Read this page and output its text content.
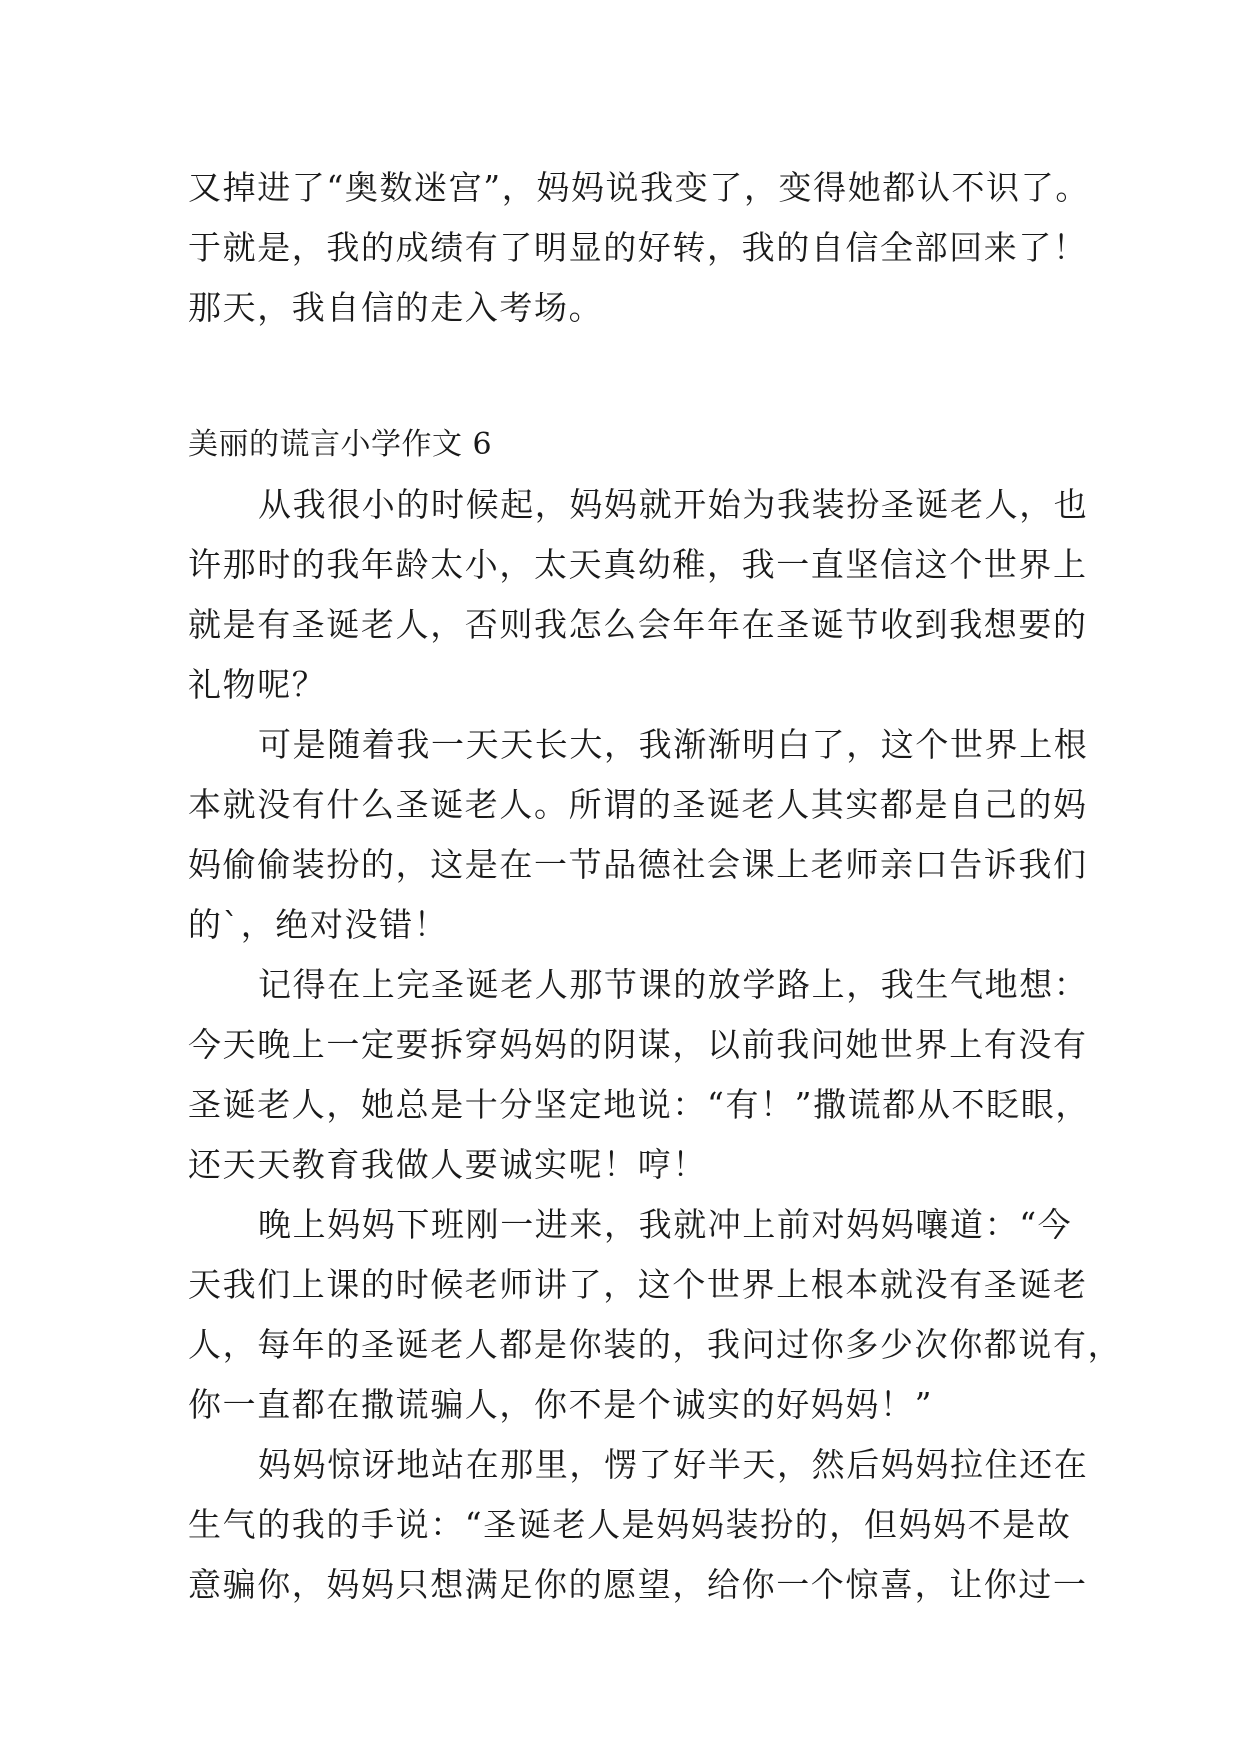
又掉进了“奥数迷宫”，妈妈说我变了，变得她都认不识了。
于就是，我的成绩有了明显的好转，我的自信全部回来了！
那天，我自信的走入考场。
美丽的谎言小学作文 6
从我很小的时候起，妈妈就开始为我装扮圣诞老人，也
许那时的我年龄太小，太天真幼稚，我一直坚信这个世界上
就是有圣诞老人，否则我怎么会年年在圣诞节收到我想要的
礼物呢？
可是随着我一天天长大，我渐渐明白了，这个世界上根
本就没有什么圣诞老人。所谓的圣诞老人其实都是自己的妈
妈偷偷装扮的，这是在一节品德社会课上老师亲口告诉我们
的`，绝对没错！
记得在上完圣诞老人那节课的放学路上，我生气地想：
今天晚上一定要拆穿妈妈的阴谋，以前我问她世界上有没有
圣诞老人，她总是十分坚定地说：“有！”撒谎都从不眨眼，
还天天教育我做人要诚实呢！哼！
晚上妈妈下班刚一进来，我就冲上前对妈妈嚷道：“今
天我们上课的时候老师讲了，这个世界上根本就没有圣诞老
人，每年的圣诞老人都是你装的，我问过你多少次你都说有，
你一直都在撒谎骗人，你不是个诚实的好妈妈！”
妈妈惊讶地站在那里，愣了好半天，然后妈妈拉住还在
生气的我的手说：“圣诞老人是妈妈装扮的，但妈妈不是故
意骗你，妈妈只想满足你的愿望，给你一个惊喜，让你过一
